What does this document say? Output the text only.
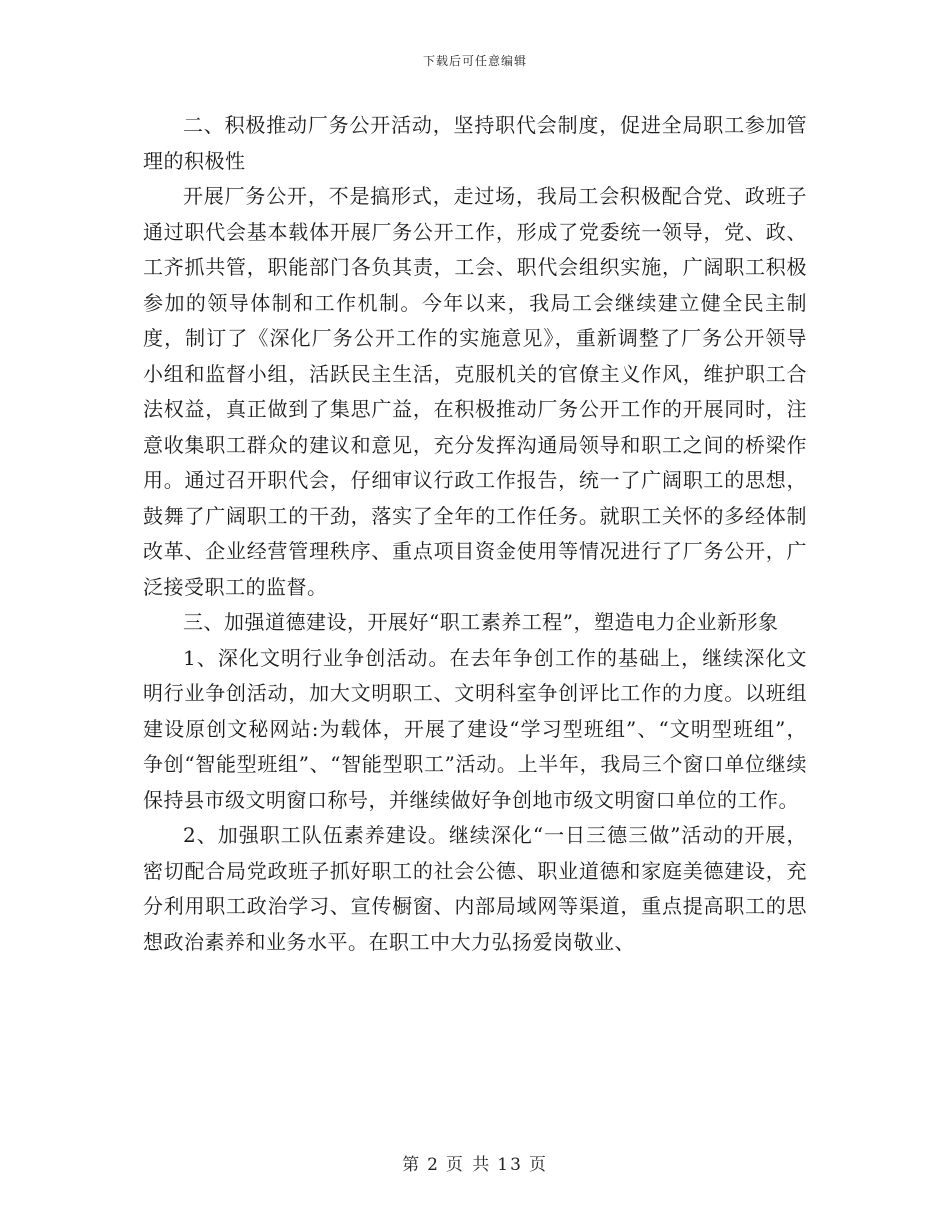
下载后可任意编辑

二、积极推动厂务公开活动，坚持职代会制度，促进全局职工参加管理的积极性

开展厂务公开，不是搞形式，走过场，我局工会积极配合党、政班子通过职代会基本载体开展厂务公开工作，形成了党委统一领导，党、政、工齐抓共管，职能部门各负其责，工会、职代会组织实施，广阔职工积极参加的领导体制和工作机制。今年以来，我局工会继续建立健全民主制度，制订了《深化厂务公开工作的实施意见》，重新调整了厂务公开领导小组和监督小组，活跃民主生活，克服机关的官僚主义作风，维护职工合法权益，真正做到了集思广益，在积极推动厂务公开工作的开展同时，注意收集职工群众的建议和意见，充分发挥沟通局领导和职工之间的桥梁作用。通过召开职代会，仔细审议行政工作报告，统一了广阔职工的思想，鼓舞了广阔职工的干劲，落实了全年的工作任务。就职工关怀的多经体制改革、企业经营管理秩序、重点项目资金使用等情况进行了厂务公开，广泛接受职工的监督。

三、加强道德建设，开展好“职工素养工程”，塑造电力企业新形象

1、深化文明行业争创活动。在去年争创工作的基础上，继续深化文明行业争创活动，加大文明职工、文明科室争创评比工作的力度。以班组建设原创文秘网站:为载体，开展了建设“学习型班组”、“文明型班组”，争创“智能型班组”、“智能型职工”活动。上半年，我局三个窗口单位继续保持县市级文明窗口称号，并继续做好争创地市级文明窗口单位的工作。

2、加强职工队伍素养建设。继续深化“一日三德三做”活动的开展，密切配合局党政班子抓好职工的社会公德、职业道德和家庭美德建设，充分利用职工政治学习、宣传橱窗、内部局域网等渠道，重点提高职工的思想政治素养和业务水平。在职工中大力弘扬爱岗敬业、

第 2 页 共 13 页
